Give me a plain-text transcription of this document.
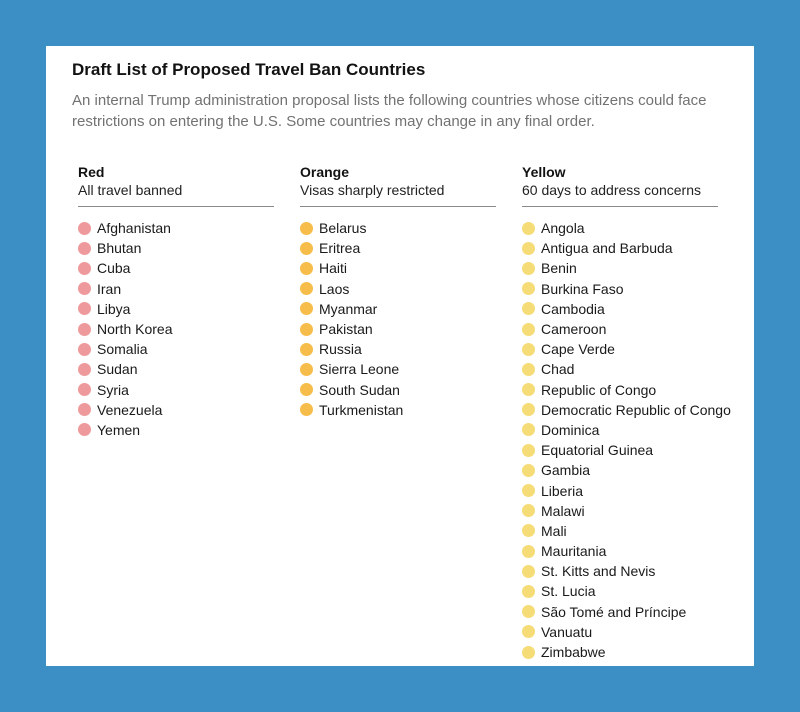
Draft List of Proposed Travel Ban Countries
An internal Trump administration proposal lists the following countries whose citizens could face restrictions on entering the U.S. Some countries may change in any final order.
Red
All travel banned
Afghanistan
Bhutan
Cuba
Iran
Libya
North Korea
Somalia
Sudan
Syria
Venezuela
Yemen
Orange
Visas sharply restricted
Belarus
Eritrea
Haiti
Laos
Myanmar
Pakistan
Russia
Sierra Leone
South Sudan
Turkmenistan
Yellow
60 days to address concerns
Angola
Antigua and Barbuda
Benin
Burkina Faso
Cambodia
Cameroon
Cape Verde
Chad
Republic of Congo
Democratic Republic of Congo
Dominica
Equatorial Guinea
Gambia
Liberia
Malawi
Mali
Mauritania
St. Kitts and Nevis
St. Lucia
São Tomé and Príncipe
Vanuatu
Zimbabwe
